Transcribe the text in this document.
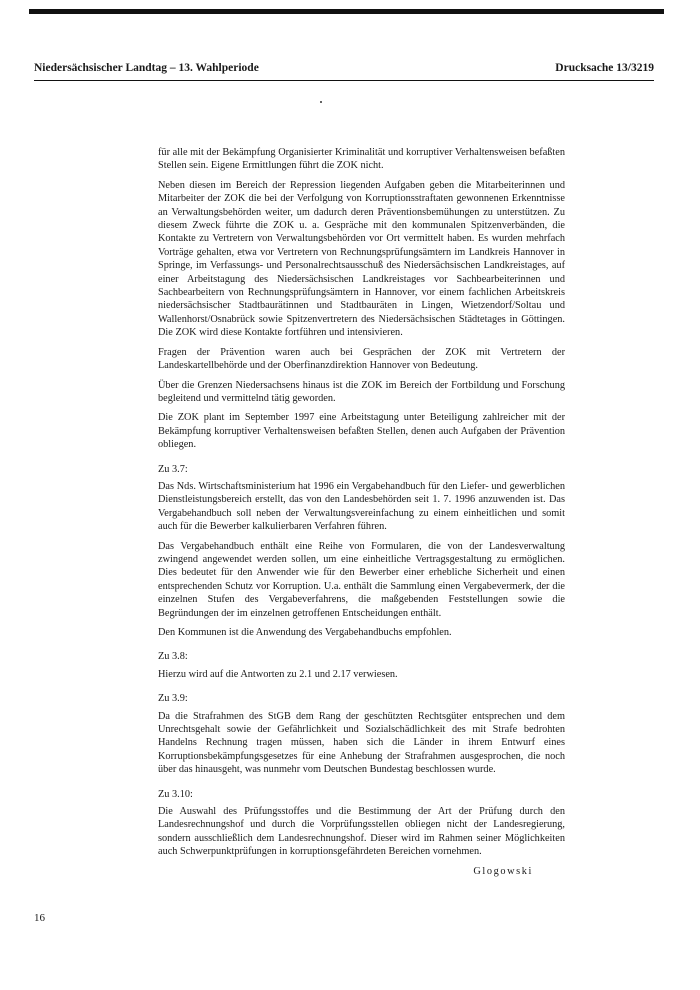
Niedersächsischer Landtag – 13. Wahlperiode	Drucksache 13/3219

für alle mit der Bekämpfung Organisierter Kriminalität und korruptiver Verhaltensweisen befaßten Stellen sein. Eigene Ermittlungen führt die ZOK nicht.

Neben diesen im Bereich der Repression liegenden Aufgaben geben die Mitarbeiterinnen und Mitarbeiter der ZOK die bei der Verfolgung von Korruptionsstraftaten gewonnenen Erkenntnisse an Verwaltungsbehörden weiter, um dadurch deren Präventionsbemühungen zu unterstützen. Zu diesem Zweck führte die ZOK u. a. Gespräche mit den kommunalen Spitzenverbänden, die Kontakte zu Vertretern von Verwaltungsbehörden vor Ort vermittelt haben. Es wurden mehrfach Vorträge gehalten, etwa vor Vertretern von Rechnungsprüfungsämtern im Landkreis Hannover in Springe, im Verfassungs- und Personalrechtsausschuß des Niedersächsischen Landkreistages, auf einer Arbeitstagung des Niedersächsischen Landkreistages vor Sachbearbeiterinnen und Sachbearbeitern von Rechnungsprüfungsämtern in Hannover, vor einem fachlichen Arbeitskreis niedersächsischer Stadtbaurätinnen und Stadtbauräten in Lingen, Wietzendorf/Soltau und Wallenhorst/Osnabrück sowie Spitzenvertretern des Niedersächsischen Städtetages in Göttingen. Die ZOK wird diese Kontakte fortführen und intensivieren.

Fragen der Prävention waren auch bei Gesprächen der ZOK mit Vertretern der Landeskartellbehörde und der Oberfinanzdirektion Hannover von Bedeutung.

Über die Grenzen Niedersachsens hinaus ist die ZOK im Bereich der Fortbildung und Forschung begleitend und vermittelnd tätig geworden.

Die ZOK plant im September 1997 eine Arbeitstagung unter Beteiligung zahlreicher mit der Bekämpfung korruptiver Verhaltensweisen befaßten Stellen, denen auch Aufgaben der Prävention obliegen.

Zu 3.7:

Das Nds. Wirtschaftsministerium hat 1996 ein Vergabehandbuch für den Liefer- und gewerblichen Dienstleistungsbereich erstellt, das von den Landesbehörden seit 1. 7. 1996 anzuwenden ist. Das Vergabehandbuch soll neben der Verwaltungsvereinfachung zu einem einheitlichen und somit auch für die Bewerber kalkulierbaren Verfahren führen.

Das Vergabehandbuch enthält eine Reihe von Formularen, die von der Landesverwaltung zwingend angewendet werden sollen, um eine einheitliche Vertragsgestaltung zu ermöglichen. Dies bedeutet für den Anwender wie für den Bewerber einer erhebliche Sicherheit und einen entsprechenden Schutz vor Korruption. U.a. enthält die Sammlung einen Vergabevermerk, der die einzelnen Stufen des Vergabeverfahrens, die maßgebenden Feststellungen sowie die Begründungen der im einzelnen getroffenen Entscheidungen enthält.

Den Kommunen ist die Anwendung des Vergabehandbuchs empfohlen.

Zu 3.8:

Hierzu wird auf die Antworten zu 2.1 und 2.17 verwiesen.

Zu 3.9:

Da die Strafrahmen des StGB dem Rang der geschützten Rechtsgüter entsprechen und dem Unrechtsgehalt sowie der Gefährlichkeit und Sozialschädlichkeit des mit Strafe bedrohten Handelns Rechnung tragen müssen, haben sich die Länder in ihrem Entwurf eines Korruptionsbekämpfungsgesetzes für eine Anhebung der Strafrahmen ausgesprochen, die noch über das hinausgeht, was nunmehr vom Deutschen Bundestag beschlossen wurde.

Zu 3.10:

Die Auswahl des Prüfungsstoffes und die Bestimmung der Art der Prüfung durch den Landesrechnungshof und durch die Vorprüfungsstellen obliegen nicht der Landesregierung, sondern ausschließlich dem Landesrechnungshof. Dieser wird im Rahmen seiner Möglichkeiten auch Schwerpunktprüfungen in korruptionsgefährdeten Bereichen vornehmen.

Glogowski
16
